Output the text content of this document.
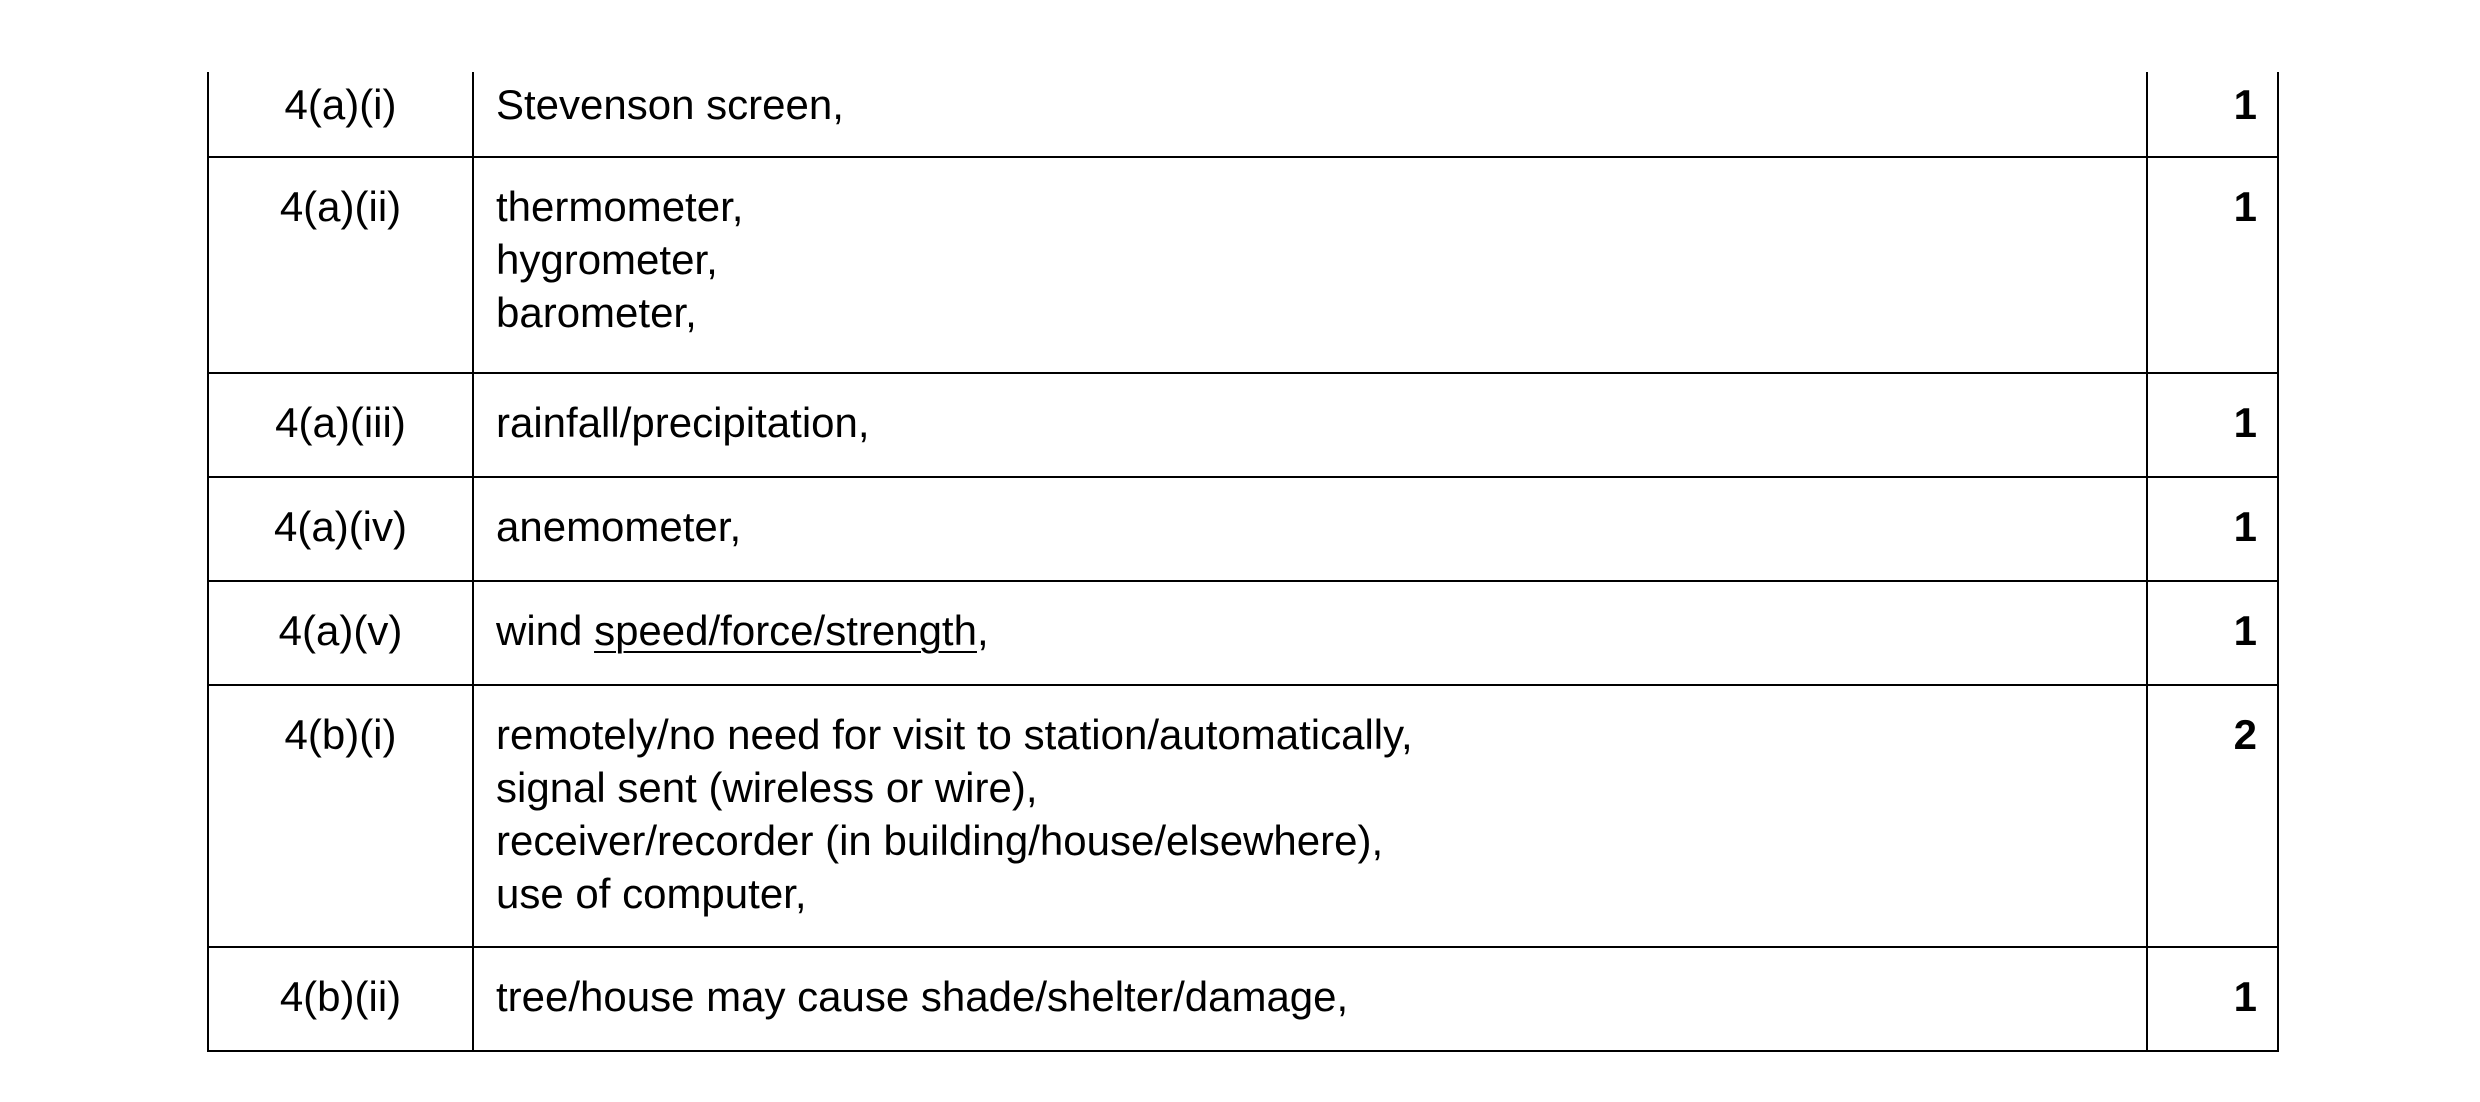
4(a)(i)	Stevenson screen,	1
4(a)(ii)	thermometer,
hygrometer,
barometer,	1
4(a)(iii)	rainfall/precipitation,	1
4(a)(iv)	anemometer,	1
4(a)(v)	wind speed/force/strength,	1
4(b)(i)	remotely/no need for visit to station/automatically,
signal sent (wireless or wire),
receiver/recorder (in building/house/elsewhere),
use of computer,	2
4(b)(ii)	tree/house may cause shade/shelter/damage,	1
